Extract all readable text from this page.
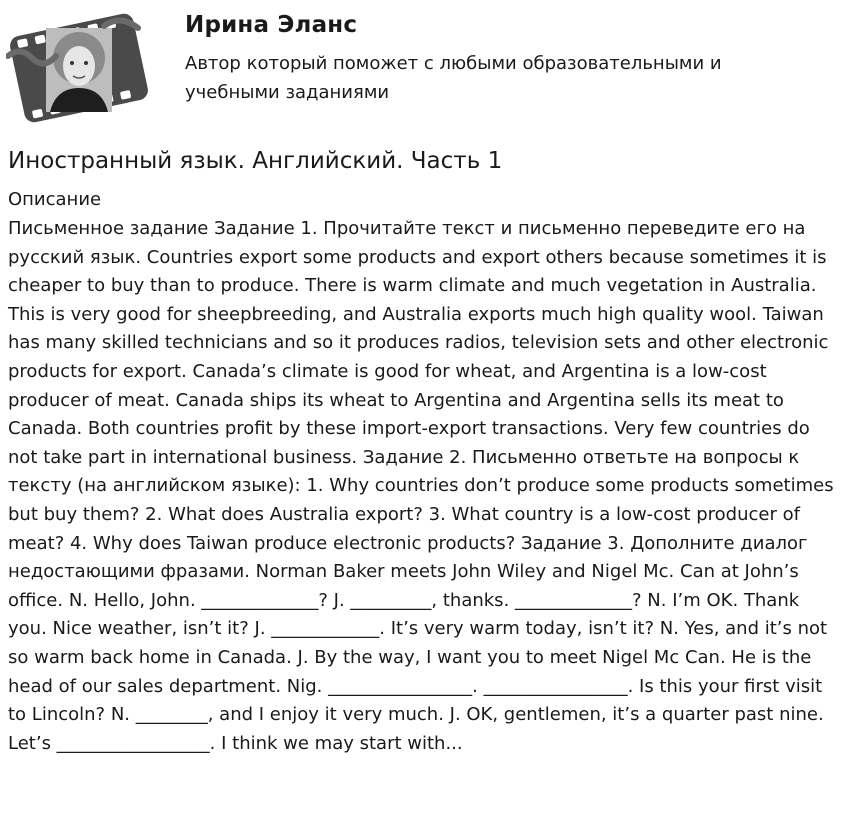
Ирина Эланс
Автор который поможет с любыми образовательными и учебными заданиями
Иностранный язык. Английский. Часть 1
Описание

Письменное задание Задание 1. Прочитайте текст и письменно переведите его на русский язык. Countries export some products and export others because sometimes it is cheaper to buy than to produce. There is warm climate and much vegetation in Australia. This is very good for sheepbreeding, and Australia exports much high quality wool. Taiwan has many skilled technicians and so it produces radios, television sets and other electronic products for export. Canada’s climate is good for wheat, and Argentina is a low-cost producer of meat. Canada ships its wheat to Argentina and Argentina sells its meat to Canada. Both countries profit by these import-export transactions. Very few countries do not take part in international business. Задание 2. Письменно ответьте на вопросы к тексту (на английском языке): 1. Why countries don’t produce some products sometimes but buy them? 2. What does Australia export? 3. What country is a low-cost producer of meat? 4. Why does Taiwan produce electronic products? Задание 3. Дополните диалог недостающими фразами. Norman Baker meets John Wiley and Nigel Mc. Can at John’s office. N. Hello, John. _____________? J. _________, thanks. _____________? N. I’m OK. Thank you. Nice weather, isn’t it? J. ____________. It’s very warm today, isn’t it? N. Yes, and it’s not so warm back home in Canada. J. By the way, I want you to meet Nigel Mc Can. He is the head of our sales department. Nig. ________________. ________________. Is this your first visit to Lincoln? N. ________, and I enjoy it very much. J. OK, gentlemen, it’s a quarter past nine. Let’s _________________. I think we may start with...
